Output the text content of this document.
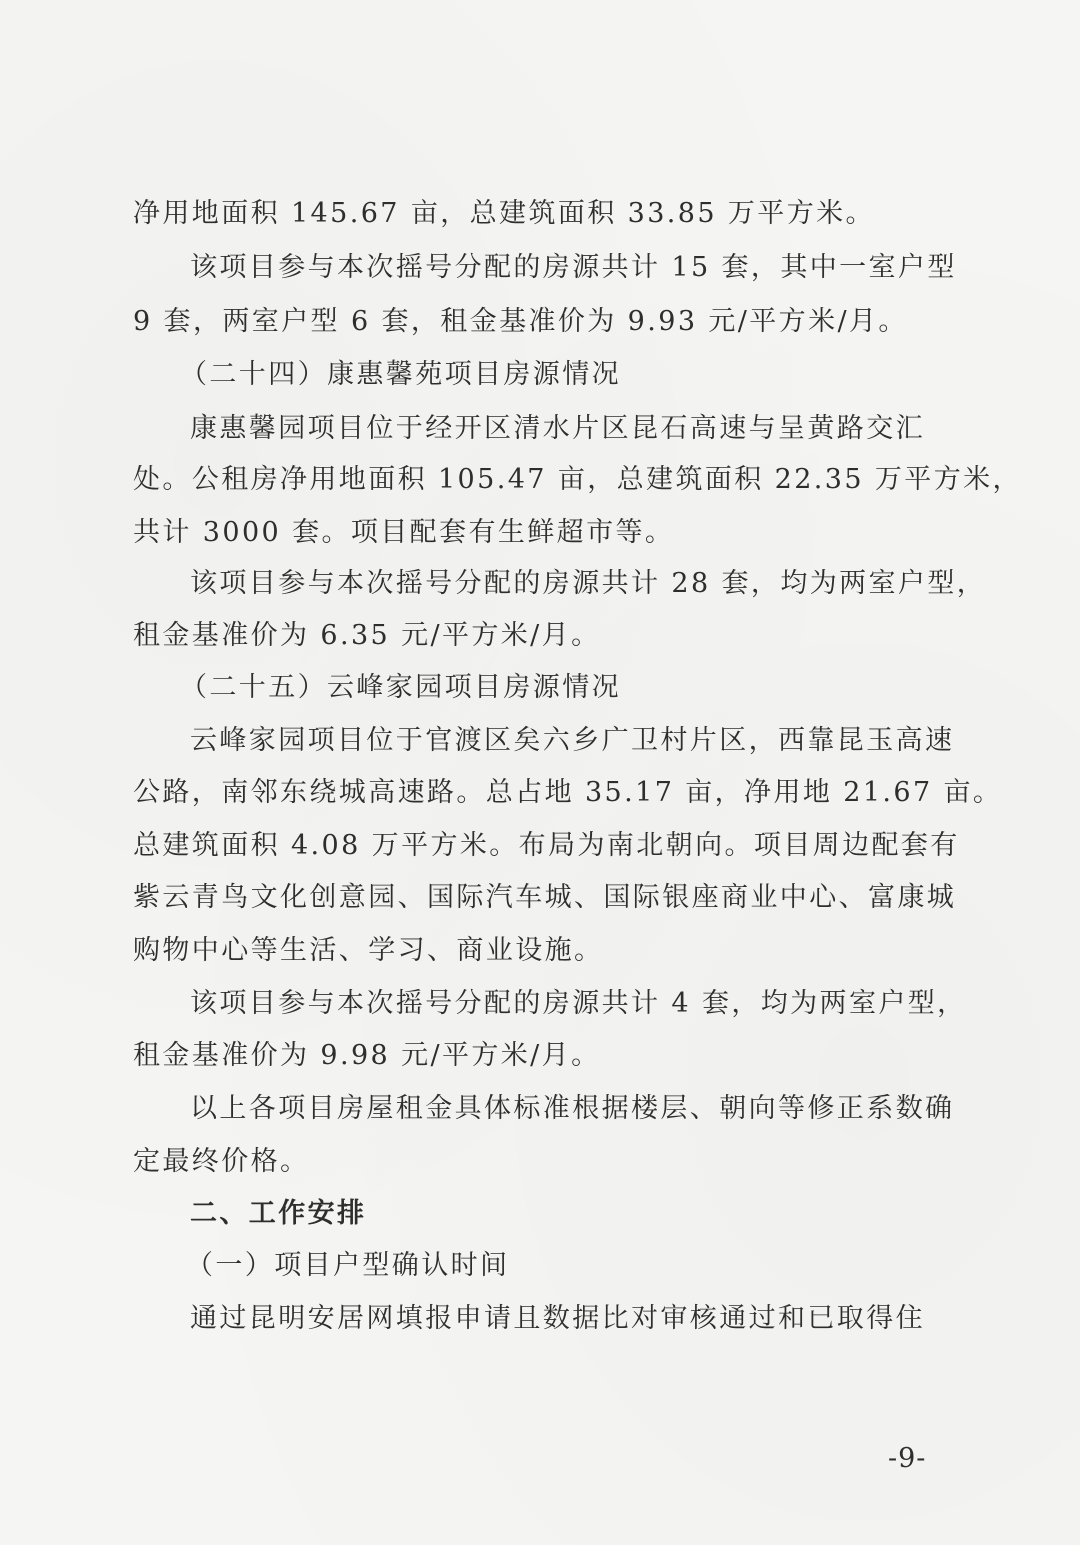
净用地面积 145.67 亩，总建筑面积 33.85 万平方米。
该项目参与本次摇号分配的房源共计 15 套，其中一室户型
9 套，两室户型 6 套，租金基准价为 9.93 元/平方米/月。
（二十四）康惠馨苑项目房源情况
康惠馨园项目位于经开区清水片区昆石高速与呈黄路交汇
处。公租房净用地面积 105.47 亩，总建筑面积 22.35 万平方米，
共计 3000 套。项目配套有生鲜超市等。
该项目参与本次摇号分配的房源共计 28 套，均为两室户型，
租金基准价为 6.35 元/平方米/月。
（二十五）云峰家园项目房源情况
云峰家园项目位于官渡区矣六乡广卫村片区，西靠昆玉高速
公路，南邻东绕城高速路。总占地 35.17 亩，净用地 21.67 亩。
总建筑面积 4.08 万平方米。布局为南北朝向。项目周边配套有
紫云青鸟文化创意园、国际汽车城、国际银座商业中心、富康城
购物中心等生活、学习、商业设施。
该项目参与本次摇号分配的房源共计 4 套，均为两室户型，
租金基准价为 9.98 元/平方米/月。
以上各项目房屋租金具体标准根据楼层、朝向等修正系数确
定最终价格。
二、工作安排
（一）项目户型确认时间
通过昆明安居网填报申请且数据比对审核通过和已取得住
-9-
